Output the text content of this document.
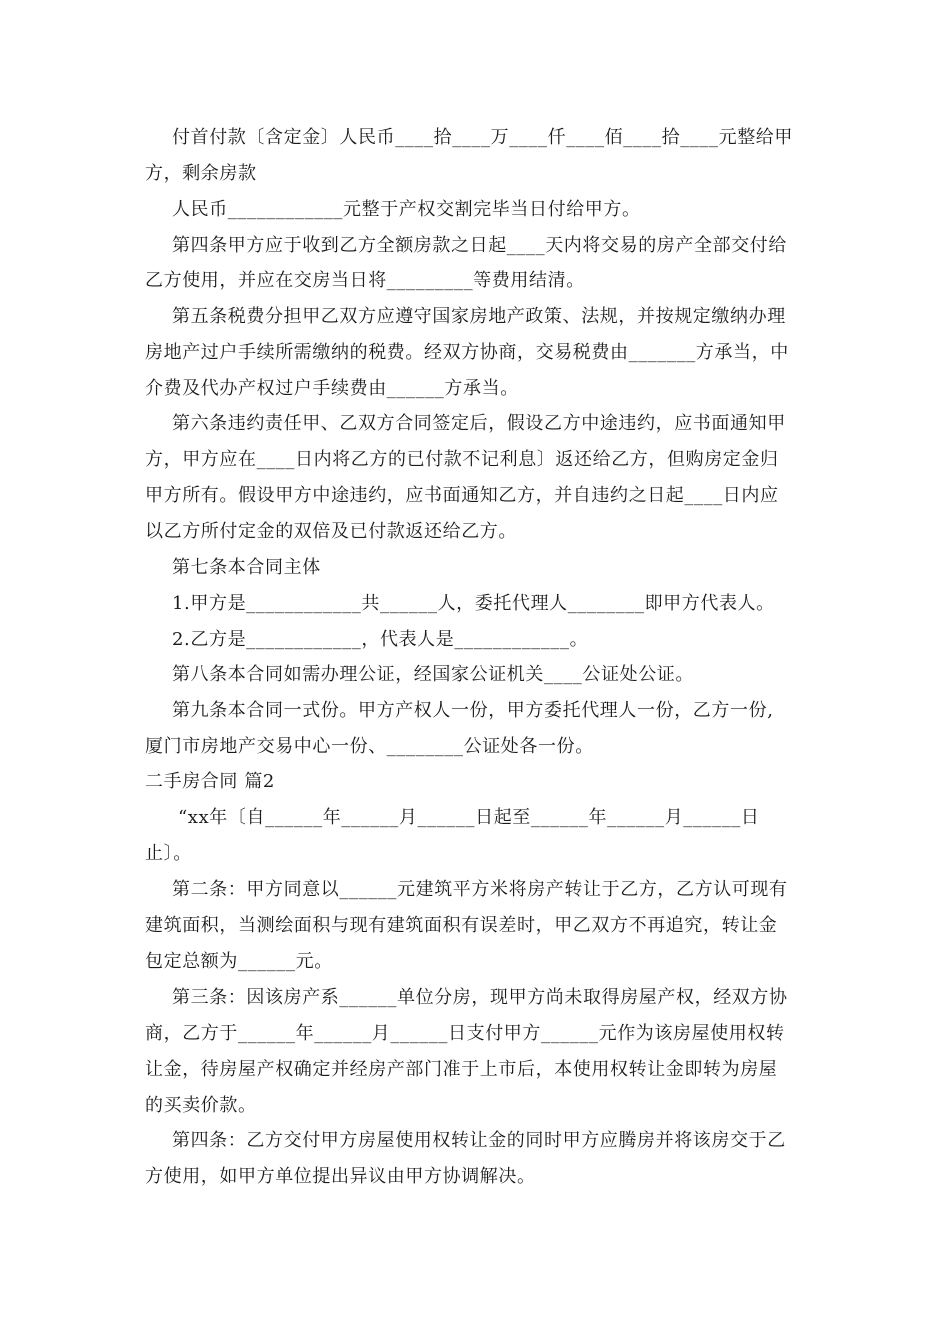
付首付款〔含定金〕人民币____拾____万____仟____佰____拾____元整给甲
方，剩余房款
人民币____________元整于产权交割完毕当日付给甲方。
第四条甲方应于收到乙方全额房款之日起____天内将交易的房产全部交付给
乙方使用，并应在交房当日将_________等费用结清。
第五条税费分担甲乙双方应遵守国家房地产政策、法规，并按规定缴纳办理
房地产过户手续所需缴纳的税费。经双方协商，交易税费由_______方承当，中
介费及代办产权过户手续费由______方承当。
第六条违约责任甲、乙双方合同签定后，假设乙方中途违约，应书面通知甲
方，甲方应在____日内将乙方的已付款不记利息〕返还给乙方，但购房定金归
甲方所有。假设甲方中途违约，应书面通知乙方，并自违约之日起____日内应
以乙方所付定金的双倍及已付款返还给乙方。
第七条本合同主体
1.甲方是____________共______人，委托代理人________即甲方代表人。
2.乙方是____________，代表人是____________。
第八条本合同如需办理公证，经国家公证机关____公证处公证。
第九条本合同一式份。甲方产权人一份，甲方委托代理人一份，乙方一份,
厦门市房地产交易中心一份、________公证处各一份。
二手房合同 篇2
“xx年〔自______年______月______日起至______年______月______日
止〕。
第二条：甲方同意以______元建筑平方米将房产转让于乙方，乙方认可现有
建筑面积，当测绘面积与现有建筑面积有误差时，甲乙双方不再追究，转让金
包定总额为______元。
第三条：因该房产系______单位分房，现甲方尚未取得房屋产权，经双方协
商，乙方于______年______月______日支付甲方______元作为该房屋使用权转
让金，待房屋产权确定并经房产部门准于上市后，本使用权转让金即转为房屋
的买卖价款。
第四条：乙方交付甲方房屋使用权转让金的同时甲方应腾房并将该房交于乙
方使用，如甲方单位提出异议由甲方协调解决。
